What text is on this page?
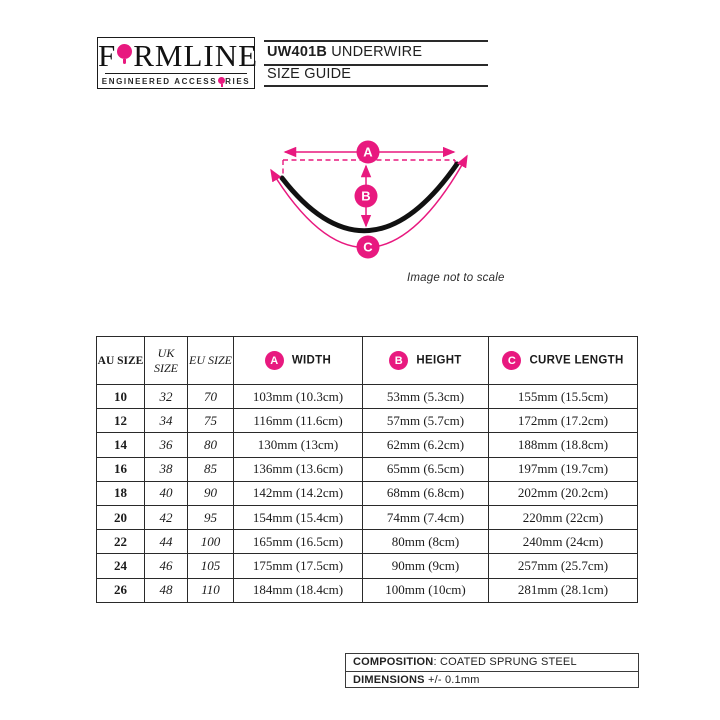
F RMLINE
ENGINEERED ACCESS RIES
UW401B UNDERWIRE
SIZE GUIDE
A
B
C
Image not to scale
AU SIZE	UK SIZE	EU SIZE	A WIDTH	B HEIGHT	C CURVE LENGTH
10	32	70	103mm (10.3cm)	53mm (5.3cm)	155mm (15.5cm)
12	34	75	116mm (11.6cm)	57mm (5.7cm)	172mm (17.2cm)
14	36	80	130mm (13cm)	62mm (6.2cm)	188mm (18.8cm)
16	38	85	136mm (13.6cm)	65mm (6.5cm)	197mm (19.7cm)
18	40	90	142mm (14.2cm)	68mm (6.8cm)	202mm (20.2cm)
20	42	95	154mm (15.4cm)	74mm (7.4cm)	220mm (22cm)
22	44	100	165mm (16.5cm)	80mm (8cm)	240mm (24cm)
24	46	105	175mm (17.5cm)	90mm (9cm)	257mm (25.7cm)
26	48	110	184mm (18.4cm)	100mm (10cm)	281mm (28.1cm)
COMPOSITION: COATED SPRUNG STEEL
DIMENSIONS +/- 0.1mm
